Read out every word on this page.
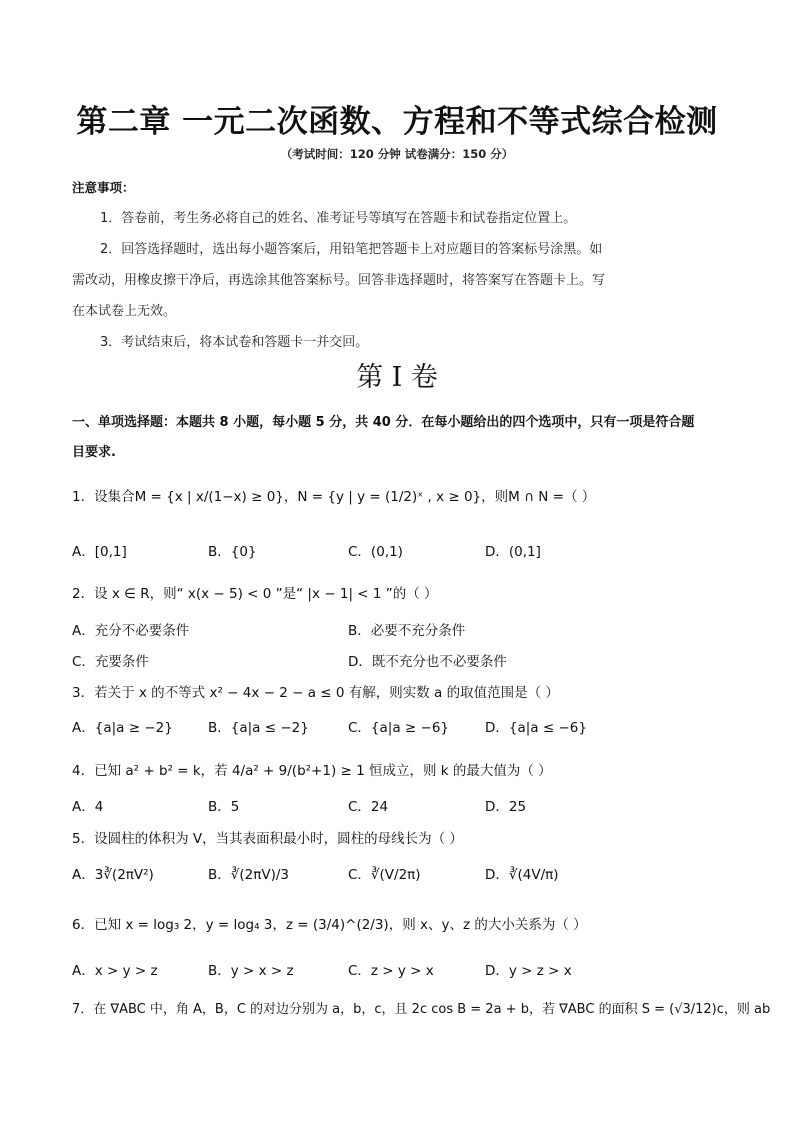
第二章 一元二次函数、方程和不等式综合检测
（考试时间：120 分钟 试卷满分：150 分）
注意事项：
1．答卷前，考生务必将自己的姓名、准考证号等填写在答题卡和试卷指定位置上。
2．回答选择题时，选出每小题答案后，用铅笔把答题卡上对应题目的答案标号涂黑。如
需改动，用橡皮擦干净后，再选涂其他答案标号。回答非选择题时，将答案写在答题卡上。写
在本试卷上无效。
3．考试结束后，将本试卷和答题卡一并交回。
第 I 卷
一、单项选择题：本题共 8 小题，每小题 5 分，共 40 分．在每小题给出的四个选项中，只有一项是符合题
目要求.
1．设集合M = {x | x/(1−x) ≥ 0}，N = {y | y = (1/2)ˣ , x ≥ 0}，则M ∩ N =（ ）
A．[0,1]	B．{0}	C．(0,1)	D．(0,1]
2．设 x ∈ R，则“ x(x − 5) < 0 ”是“ |x − 1| < 1 ”的（ ）
A．充分不必要条件	B．必要不充分条件
C．充要条件	D．既不充分也不必要条件
3．若关于 x 的不等式 x² − 4x − 2 − a ≤ 0 有解，则实数 a 的取值范围是（ ）
A．{a|a ≥ −2}	B．{a|a ≤ −2}	C．{a|a ≥ −6}	D．{a|a ≤ −6}
4．已知 a² + b² = k，若 4/a² + 9/(b²+1) ≥ 1 恒成立，则 k 的最大值为（ ）
A．4	B．5	C．24	D．25
5．设圆柱的体积为 V，当其表面积最小时，圆柱的母线长为（ ）
A．3∛(2πV²)	B．∛(2πV)/3	C．∛(V/2π)	D．∛(4V/π)
6．已知 x = log₃ 2，y = log₄ 3，z = (3/4)^(2/3)，则 x、y、z 的大小关系为（ ）
A．x > y > z	B．y > x > z	C．z > y > x	D．y > z > x
7．在 ∇ABC 中，角 A，B，C 的对边分别为 a，b，c，且 2c cos B = 2a + b，若 ∇ABC 的面积 S = (√3/12)c，则 ab
